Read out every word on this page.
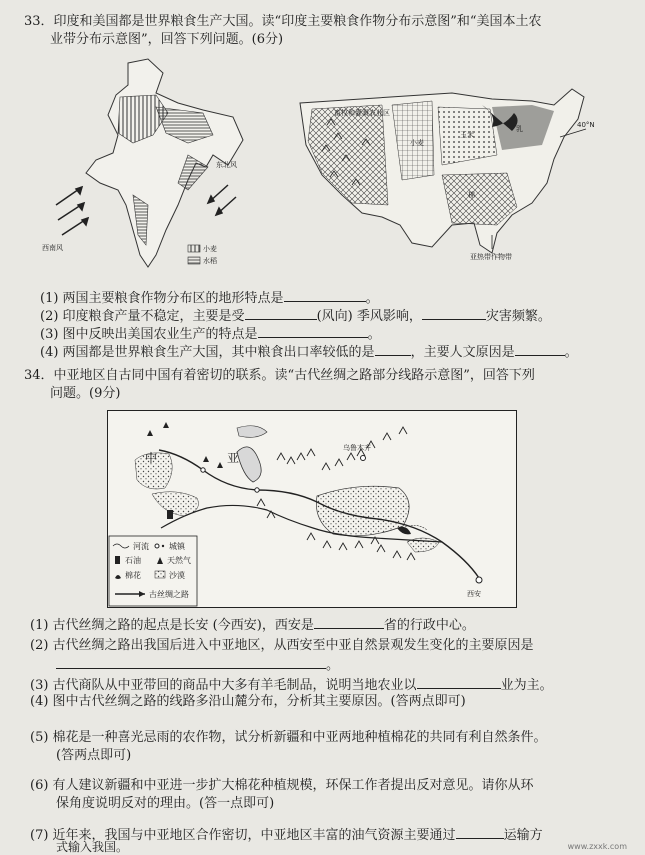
33．印度和美国都是世界粮食生产大国。读“印度主要粮食作物分布示意图”和“美国本土农
业带分布示意图”，回答下列问题。(6分)
西南风
东北风
小麦
水稻
畜牧和灌溉农业区
小麦
玉米
棉
乳	40°N
亚热带作物带
(1) 两国主要粮食作物分布区的地形特点是	。
(2) 印度粮食产量不稳定，主要是受	(风向) 季风影响，	灾害频繁。
(3) 图中反映出美国农业生产的特点是	。
(4) 两国都是世界粮食生产大国，其中粮食出口率较低的是	，主要人文原因是	。
34．中亚地区自古同中国有着密切的联系。读“古代丝绸之路部分线路示意图”，回答下列
问题。(9分)
中	亚
乌鲁木齐
西安
河流	城镇
石油	天然气
棉花	沙漠
古丝绸之路
(1) 古代丝绸之路的起点是长安 (今西安)，西安是	省的行政中心。
(2) 古代丝绸之路出我国后进入中亚地区，从西安至中亚自然景观发生变化的主要原因是
。
(3) 古代商队从中亚带回的商品中大多有羊毛制品，说明当地农业以	业为主。
(4) 图中古代丝绸之路的线路多沿山麓分布，分析其主要原因。(答两点即可)
(5) 棉花是一种喜光忌雨的农作物，试分析新疆和中亚两地种植棉花的共同有利自然条件。
(答两点即可)
(6) 有人建议新疆和中亚进一步扩大棉花种植规模，环保工作者提出反对意见。请你从环
保角度说明反对的理由。(答一点即可)
(7) 近年来，我国与中亚地区合作密切，中亚地区丰富的油气资源主要通过	运输方
式输入我国。	www.zxxk.com
